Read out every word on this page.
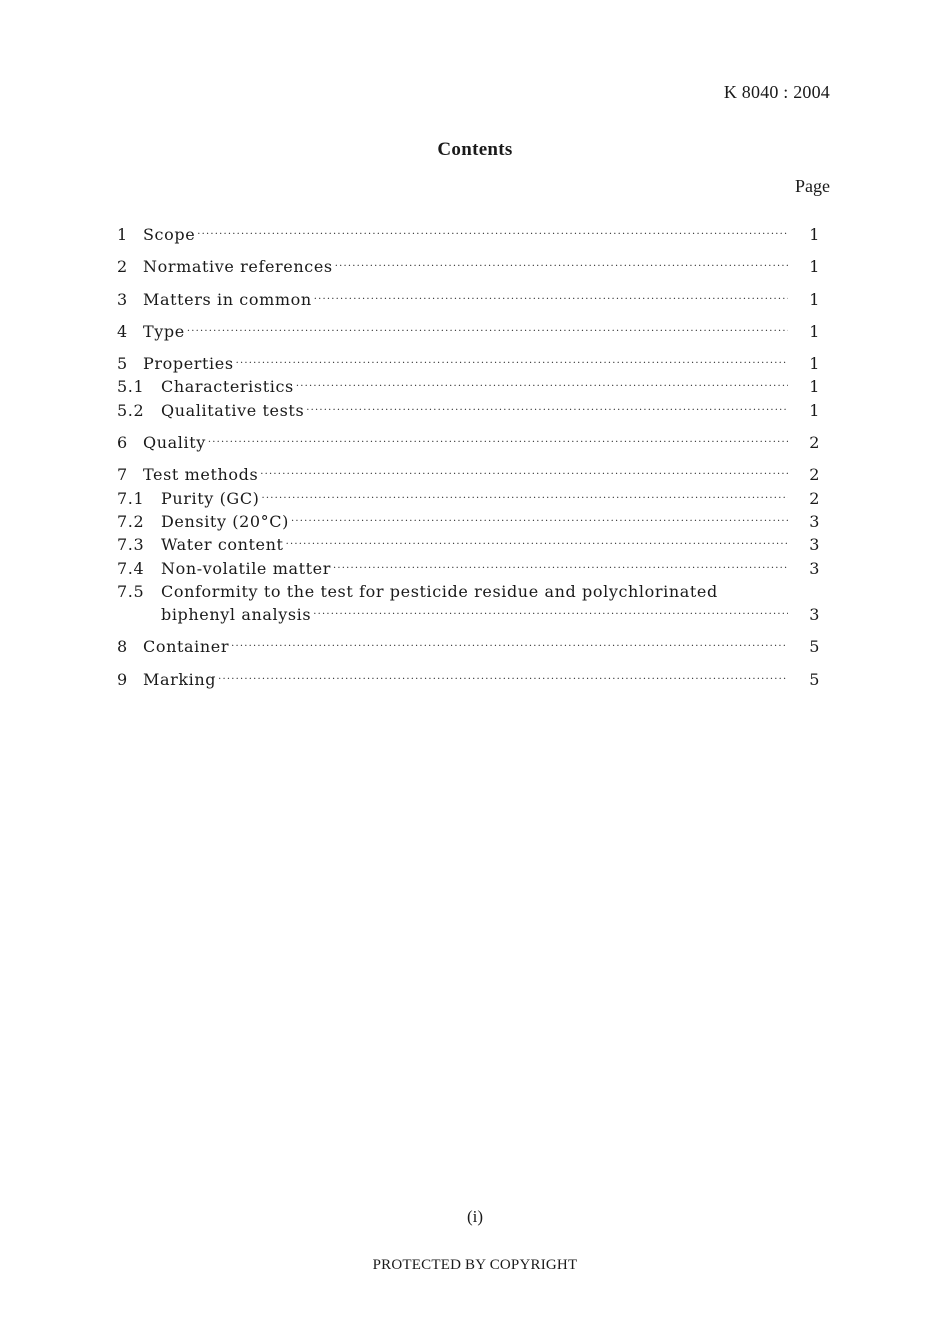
K 8040 : 2004
Contents
Page
1 Scope ·····	1
2 Normative references ·····	1
3 Matters in common ·····	1
4 Type ·····	1
5 Properties ·····	1
5.1	Characteristics ·····	1
5.2	Qualitative tests ·····	1
6 Quality ·····	2
7 Test methods ·····	2
7.1	Purity (GC) ·····	2
7.2	Density (20°C) ·····	3
7.3	Water content ·····	3
7.4	Non-volatile matter ·····	3
7.5	Conformity to the test for pesticide residue and polychlorinated
biphenyl analysis ·····	3
8 Container ·····	5
9 Marking ·····	5
(i)
PROTECTED BY COPYRIGHT
